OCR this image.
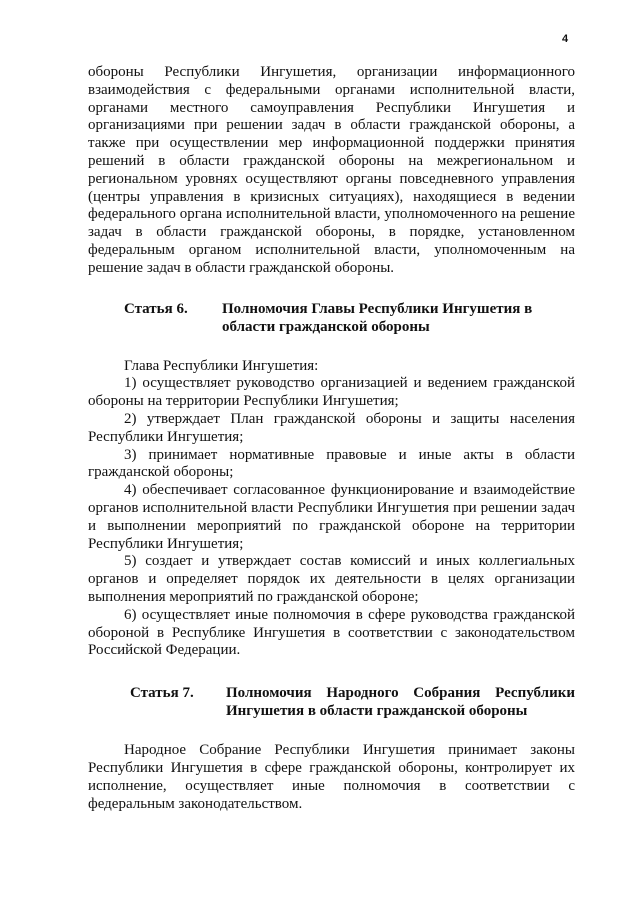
4

обороны Республики Ингушетия, организации информационного взаимодействия с федеральными органами исполнительной власти, органами местного самоуправления Республики Ингушетия и организациями при решении задач в области гражданской обороны, а также при осуществлении мер информационной поддержки принятия решений в области гражданской обороны на межрегиональном и региональном уровнях осуществляют органы повседневного управления (центры управления в кризисных ситуациях), находящиеся в ведении федерального органа исполнительной власти, уполномоченного на решение задач в области гражданской обороны, в порядке, установленном федеральным органом исполнительной власти, уполномоченным на решение задач в области гражданской обороны.

Статья 6.	Полномочия Главы Республики Ингушетия в области гражданской обороны

Глава Республики Ингушетия:

1) осуществляет руководство организацией и ведением гражданской обороны на территории Республики Ингушетия;

2) утверждает План гражданской обороны и защиты населения Республики Ингушетия;

3) принимает нормативные правовые и иные акты в области гражданской обороны;

4) обеспечивает согласованное функционирование и взаимодействие органов исполнительной власти Республики Ингушетия при решении задач и выполнении мероприятий по гражданской обороне на территории Республики Ингушетия;

5) создает и утверждает состав комиссий и иных коллегиальных органов и определяет порядок их деятельности в целях организации выполнения мероприятий по гражданской обороне;

6) осуществляет иные полномочия в сфере руководства гражданской обороной в Республике Ингушетия в соответствии с законодательством Российской Федерации.

Статья 7.	Полномочия Народного Собрания Республики Ингушетия в области гражданской обороны

Народное Собрание Республики Ингушетия принимает законы Республики Ингушетия в сфере гражданской обороны, контролирует их исполнение, осуществляет иные полномочия в соответствии с федеральным законодательством.
